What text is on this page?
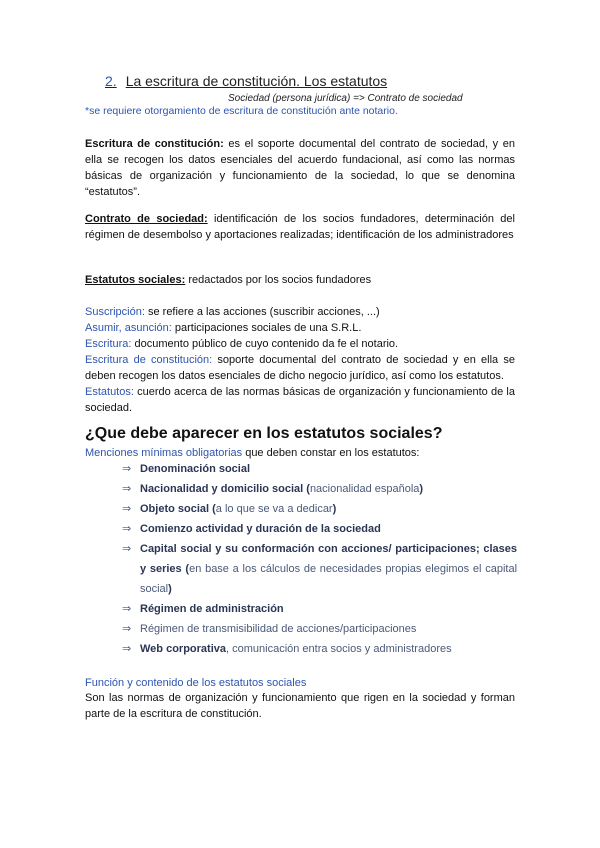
2. La escritura de constitución. Los estatutos
Sociedad (persona jurídica) => Contrato de sociedad
*se requiere otorgamiento de escritura de constitución ante notario.
Escritura de constitución: es el soporte documental del contrato de sociedad, y en ella se recogen los datos esenciales del acuerdo fundacional, así como las normas básicas de organización y funcionamiento de la sociedad, lo que se denomina “estatutos”.
Contrato de sociedad: identificación de los socios fundadores, determinación del régimen de desembolso y aportaciones realizadas; identificación de los administradores
Estatutos sociales: redactados por los socios fundadores
Suscripción: se refiere a las acciones (suscribir acciones, ...)
Asumir, asunción: participaciones sociales de una S.R.L.
Escritura: documento público de cuyo contenido da fe el notario.
Escritura de constitución: soporte documental del contrato de sociedad y en ella se deben recogen los datos esenciales de dicho negocio jurídico, así como los estatutos.
Estatutos: cuerdo acerca de las normas básicas de organización y funcionamiento de la sociedad.
¿Que debe aparecer en los estatutos sociales?
Menciones mínimas obligatorias que deben constar en los estatutos:
⇒ Denominación social
⇒ Nacionalidad y domicilio social (nacionalidad española)
⇒ Objeto social (a lo que se va a dedicar)
⇒ Comienzo actividad y duración de la sociedad
⇒ Capital social y su conformación con acciones/ participaciones; clases y series (en base a los cálculos de necesidades propias elegimos el capital social)
⇒ Régimen de administración
⇒ Régimen de transmisibilidad de acciones/participaciones
⇒ Web corporativa, comunicación entra socios y administradores
Función y contenido de los estatutos sociales
Son las normas de organización y funcionamiento que rigen en la sociedad y forman parte de la escritura de constitución.
